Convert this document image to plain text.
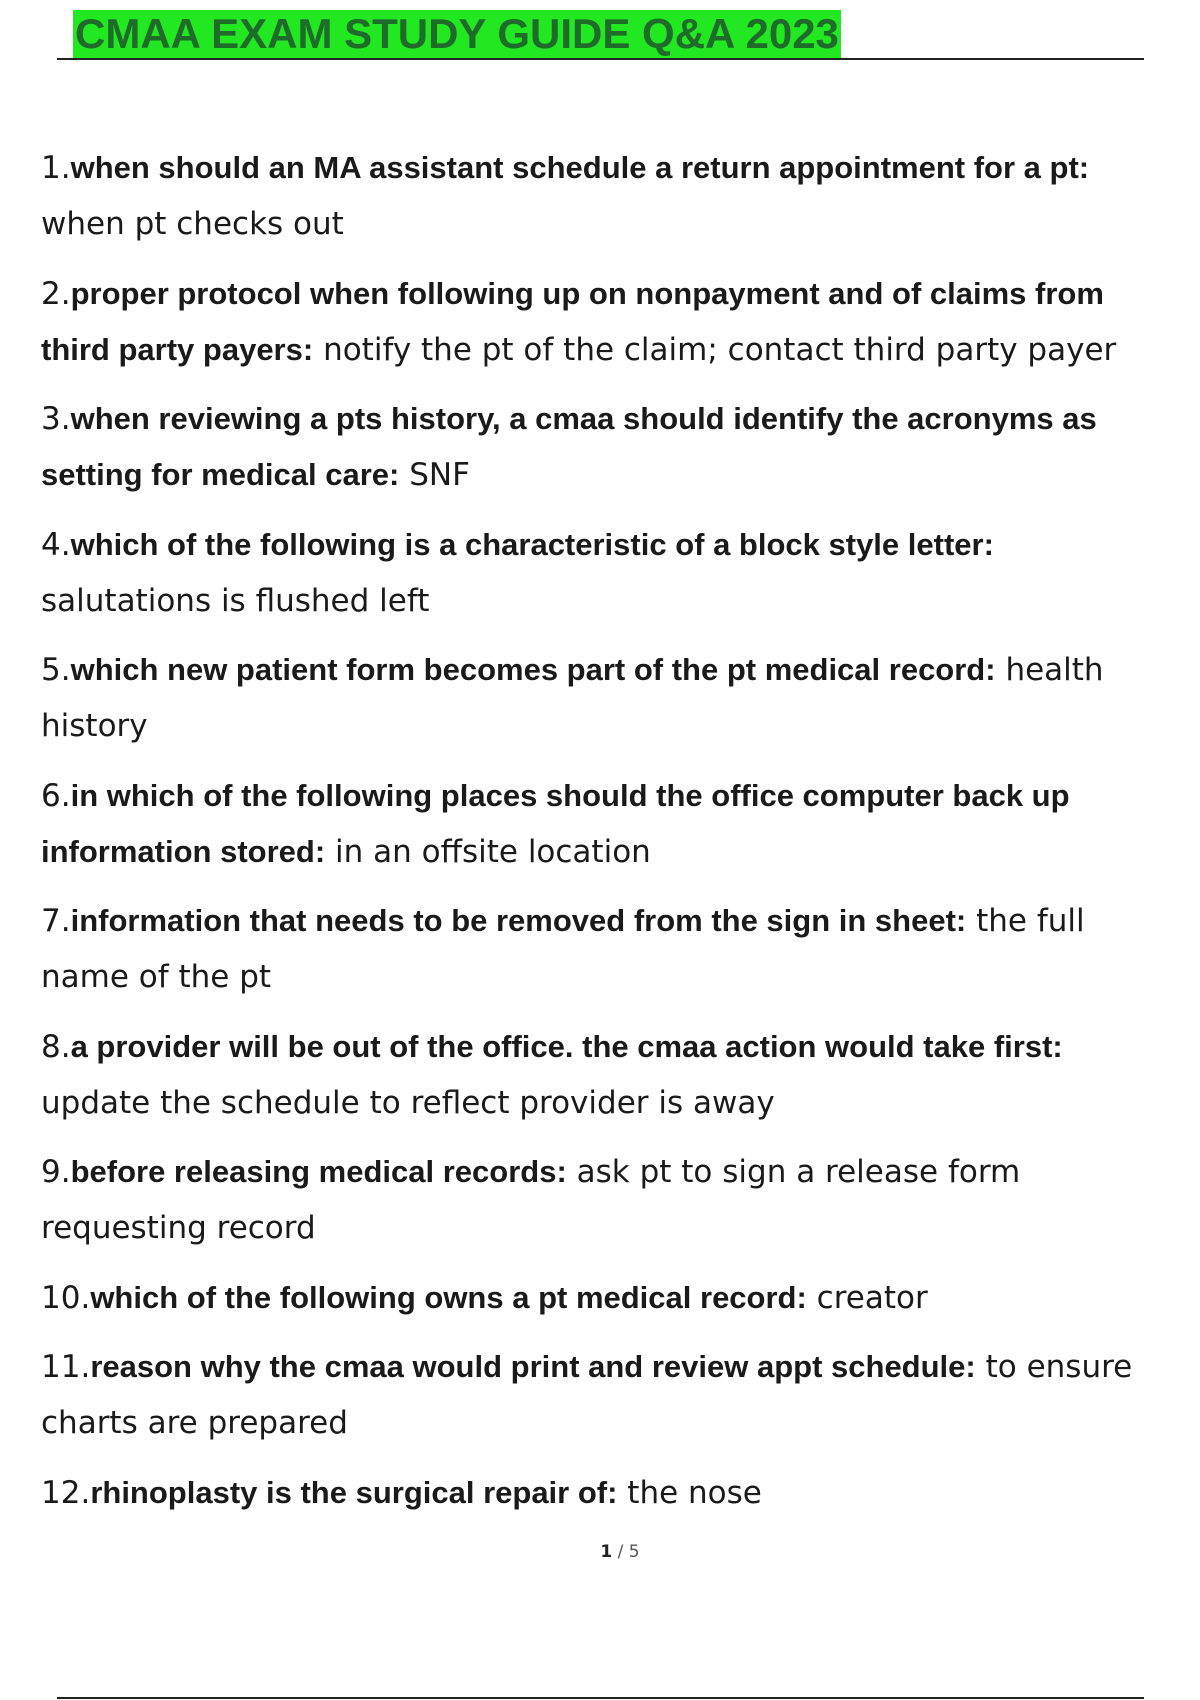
CMAA EXAM STUDY GUIDE Q&A 2023
1.when should an MA assistant schedule a return appointment for a pt: when pt checks out
2.proper protocol when following up on nonpayment and of claims from third party payers: notify the pt of the claim; contact third party payer
3.when reviewing a pts history, a cmaa should identify the acronyms as setting for medical care: SNF
4.which of the following is a characteristic of a block style letter: salutations is flushed left
5.which new patient form becomes part of the pt medical record: health history
6.in which of the following places should the office computer back up information stored: in an offsite location
7.information that needs to be removed from the sign in sheet: the full name of the pt
8.a provider will be out of the office. the cmaa action would take first: update the schedule to reflect provider is away
9.before releasing medical records: ask pt to sign a release form requesting record
10.which of the following owns a pt medical record: creator
11.reason why the cmaa would print and review appt schedule: to ensure charts are prepared
12.rhinoplasty is the surgical repair of: the nose
1 / 5
